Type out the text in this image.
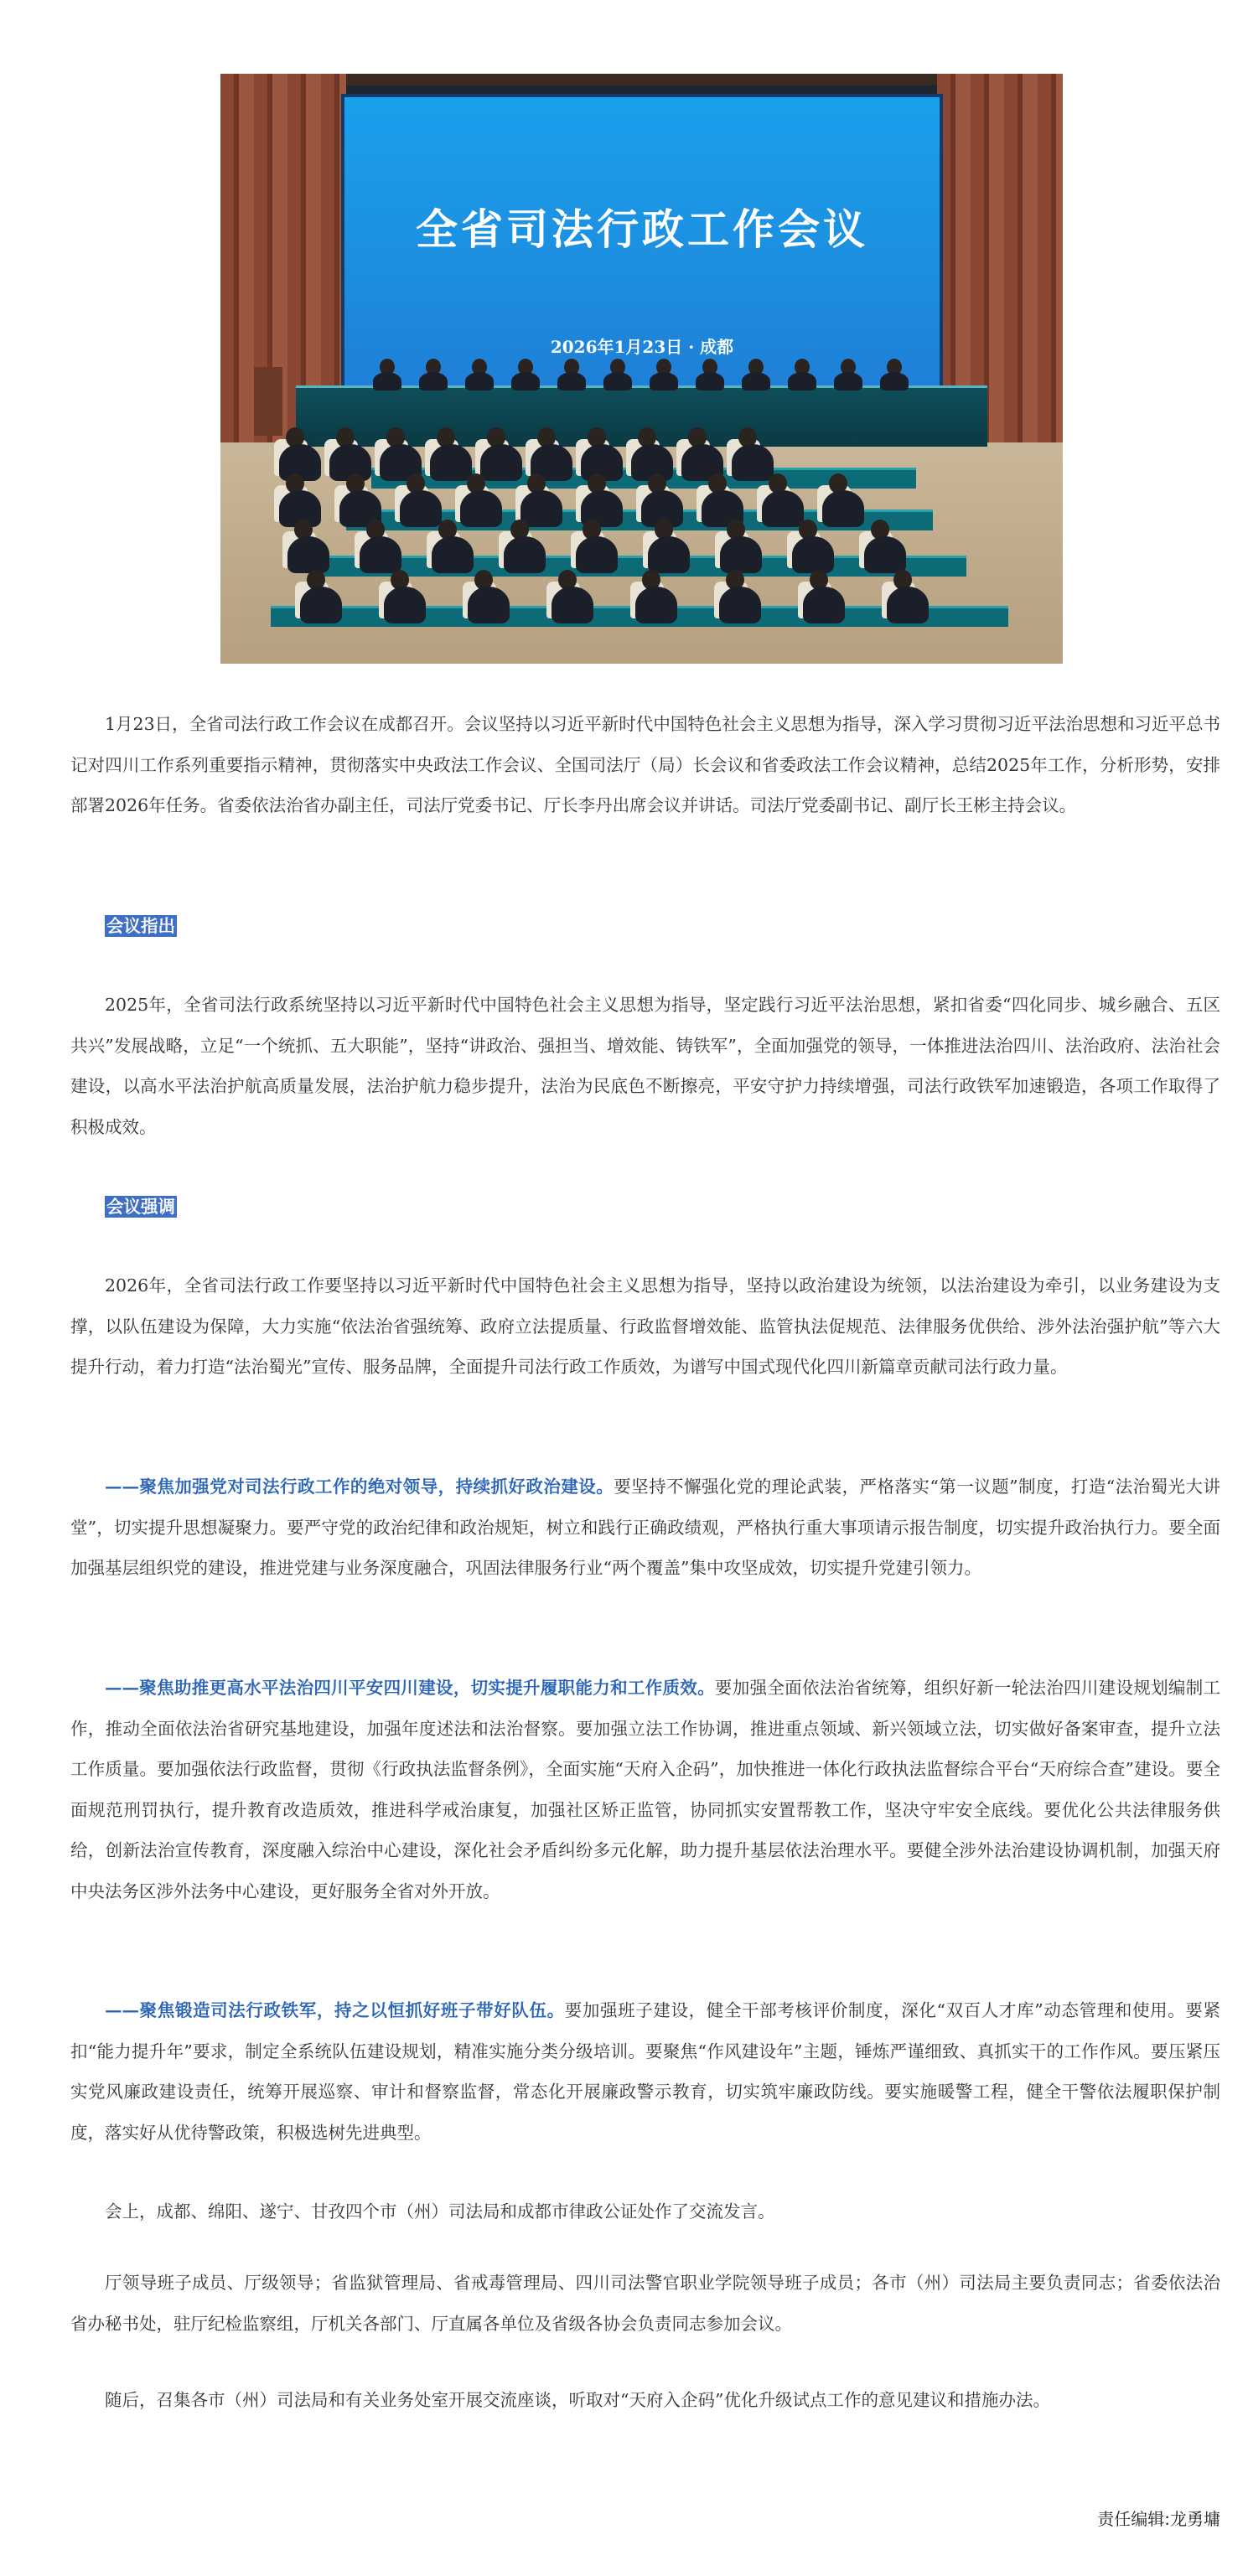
全省司法行政工作会议
2026年1月23日 · 成都

1月23日，全省司法行政工作会议在成都召开。会议坚持以习近平新时代中国特色社会主义思想为指导，深入学习贯彻习近平法治思想和习近平总书记对四川工作系列重要指示精神，贯彻落实中央政法工作会议、全国司法厅（局）长会议和省委政法工作会议精神，总结2025年工作，分析形势，安排部署2026年任务。省委依法治省办副主任，司法厅党委书记、厅长李丹出席会议并讲话。司法厅党委副书记、副厅长王彬主持会议。

会议指出

2025年，全省司法行政系统坚持以习近平新时代中国特色社会主义思想为指导，坚定践行习近平法治思想，紧扣省委“四化同步、城乡融合、五区共兴”发展战略，立足“一个统抓、五大职能”，坚持“讲政治、强担当、增效能、铸铁军”，全面加强党的领导，一体推进法治四川、法治政府、法治社会建设，以高水平法治护航高质量发展，法治护航力稳步提升，法治为民底色不断擦亮，平安守护力持续增强，司法行政铁军加速锻造，各项工作取得了积极成效。

会议强调

2026年，全省司法行政工作要坚持以习近平新时代中国特色社会主义思想为指导，坚持以政治建设为统领，以法治建设为牵引，以业务建设为支撑，以队伍建设为保障，大力实施“依法治省强统筹、政府立法提质量、行政监督增效能、监管执法促规范、法律服务优供给、涉外法治强护航”等六大提升行动，着力打造“法治蜀光”宣传、服务品牌，全面提升司法行政工作质效，为谱写中国式现代化四川新篇章贡献司法行政力量。

——聚焦加强党对司法行政工作的绝对领导，持续抓好政治建设。要坚持不懈强化党的理论武装，严格落实“第一议题”制度，打造“法治蜀光大讲堂”，切实提升思想凝聚力。要严守党的政治纪律和政治规矩，树立和践行正确政绩观，严格执行重大事项请示报告制度，切实提升政治执行力。要全面加强基层组织党的建设，推进党建与业务深度融合，巩固法律服务行业“两个覆盖”集中攻坚成效，切实提升党建引领力。

——聚焦助推更高水平法治四川平安四川建设，切实提升履职能力和工作质效。要加强全面依法治省统筹，组织好新一轮法治四川建设规划编制工作，推动全面依法治省研究基地建设，加强年度述法和法治督察。要加强立法工作协调，推进重点领域、新兴领域立法，切实做好备案审查，提升立法工作质量。要加强依法行政监督，贯彻《行政执法监督条例》，全面实施“天府入企码”，加快推进一体化行政执法监督综合平台“天府综合查”建设。要全面规范刑罚执行，提升教育改造质效，推进科学戒治康复，加强社区矫正监管，协同抓实安置帮教工作，坚决守牢安全底线。要优化公共法律服务供给，创新法治宣传教育，深度融入综治中心建设，深化社会矛盾纠纷多元化解，助力提升基层依法治理水平。要健全涉外法治建设协调机制，加强天府中央法务区涉外法务中心建设，更好服务全省对外开放。

——聚焦锻造司法行政铁军，持之以恒抓好班子带好队伍。要加强班子建设，健全干部考核评价制度，深化“双百人才库”动态管理和使用。要紧扣“能力提升年”要求，制定全系统队伍建设规划，精准实施分类分级培训。要聚焦“作风建设年”主题，锤炼严谨细致、真抓实干的工作作风。要压紧压实党风廉政建设责任，统筹开展巡察、审计和督察监督，常态化开展廉政警示教育，切实筑牢廉政防线。要实施暖警工程，健全干警依法履职保护制度，落实好从优待警政策，积极选树先进典型。

会上，成都、绵阳、遂宁、甘孜四个市（州）司法局和成都市律政公证处作了交流发言。

厅领导班子成员、厅级领导；省监狱管理局、省戒毒管理局、四川司法警官职业学院领导班子成员；各市（州）司法局主要负责同志；省委依法治省办秘书处，驻厅纪检监察组，厅机关各部门、厅直属各单位及省级各协会负责同志参加会议。

随后，召集各市（州）司法局和有关业务处室开展交流座谈，听取对“天府入企码”优化升级试点工作的意见建议和措施办法。

责任编辑:龙勇墉
